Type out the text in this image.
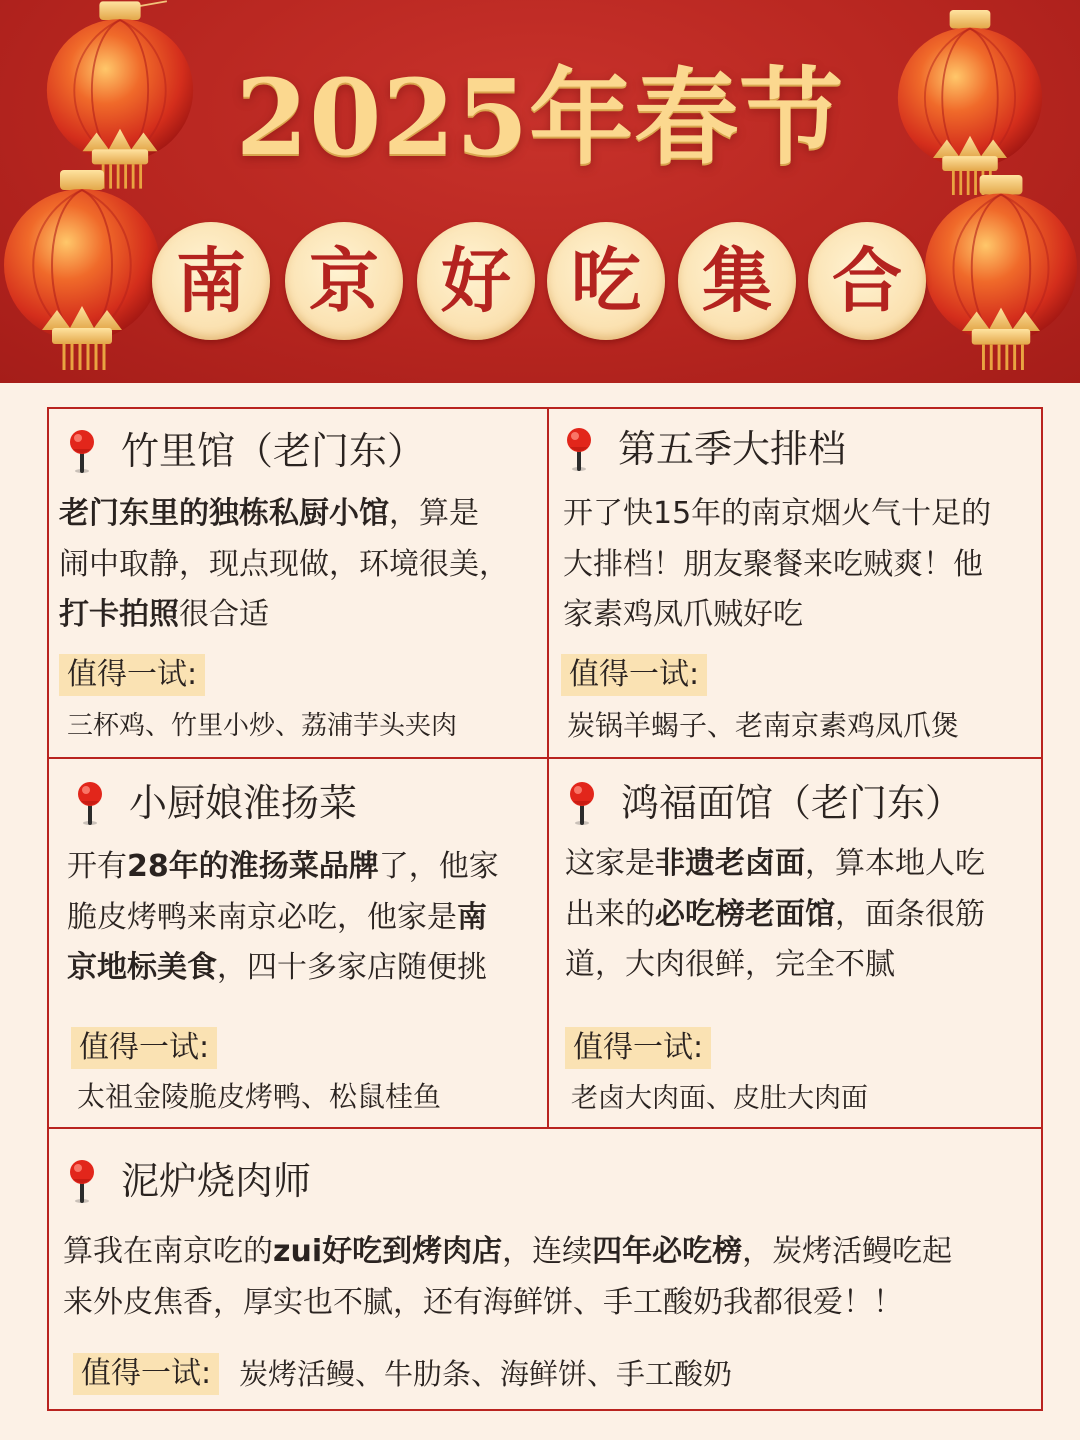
2025年春节
南 京 好 吃 集 合
竹里馆（老门东）
老门东里的独栋私厨小馆，算是
闹中取静，现点现做，环境很美，
打卡拍照很合适
值得一试:
三杯鸡、竹里小炒、荔浦芋头夹肉
第五季大排档
开了快15年的南京烟火气十足的
大排档！朋友聚餐来吃贼爽！他
家素鸡凤爪贼好吃
值得一试:
炭锅羊蝎子、老南京素鸡凤爪煲
小厨娘淮扬菜
开有28年的淮扬菜品牌了，他家
脆皮烤鸭来南京必吃，他家是南
京地标美食，四十多家店随便挑
值得一试:
太祖金陵脆皮烤鸭、松鼠桂鱼
鸿福面馆（老门东）
这家是非遗老卤面，算本地人吃
出来的必吃榜老面馆，面条很筋
道，大肉很鲜，完全不腻
值得一试:
老卤大肉面、皮肚大肉面
泥炉烧肉师
算我在南京吃的zui好吃到烤肉店，连续四年必吃榜，炭烤活鳗吃起
来外皮焦香，厚实也不腻，还有海鲜饼、手工酸奶我都很爱！！
值得一试: 炭烤活鳗、牛肋条、海鲜饼、手工酸奶
